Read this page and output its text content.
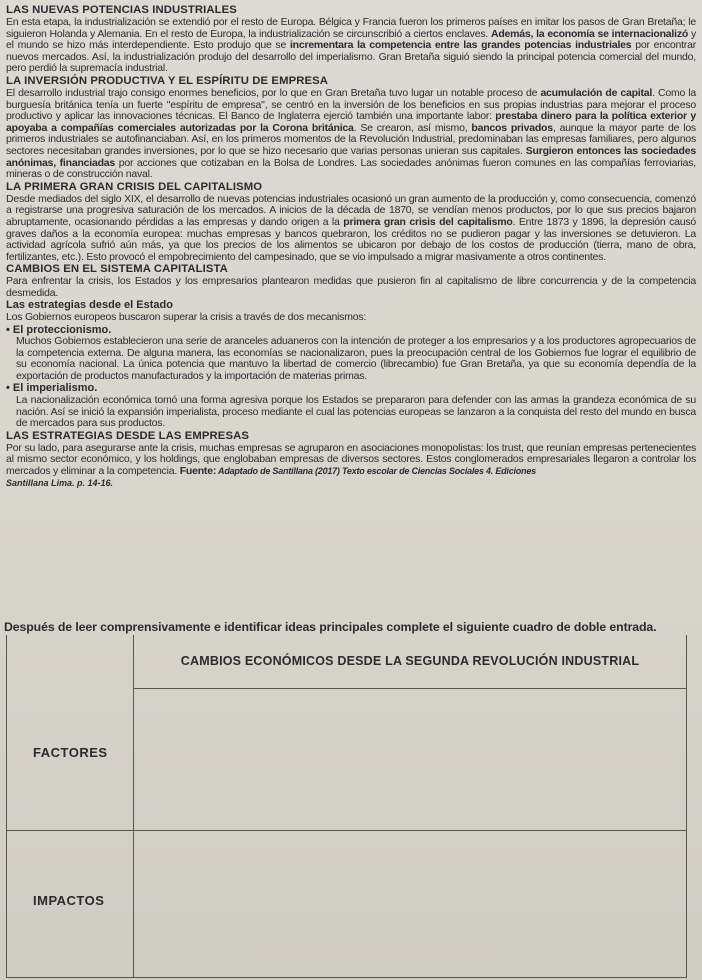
LAS NUEVAS POTENCIAS INDUSTRIALES

En esta etapa, la industrialización se extendió por el resto de Europa. Bélgica y Francia fueron los primeros países en imitar los pasos de Gran Bretaña; le siguieron Holanda y Alemania. En el resto de Europa, la industrialización se circunscribió a ciertos enclaves. Además, la economía se internacionalizó y el mundo se hizo más interdependiente. Esto produjo que se incrementara la competencia entre las grandes potencias industriales por encontrar nuevos mercados. Así, la industrialización produjo del desarrollo del imperialismo. Gran Bretaña siguió siendo la principal potencia comercial del mundo, pero perdió la supremacía industrial.

LA INVERSIÓN PRODUCTIVA Y EL ESPÍRITU DE EMPRESA

El desarrollo industrial trajo consigo enormes beneficios, por lo que en Gran Bretaña tuvo lugar un notable proceso de acumulación de capital. Como la burguesía británica tenía un fuerte "espíritu de empresa", se centró en la inversión de los beneficios en sus propias industrias para mejorar el proceso productivo y aplicar las innovaciones técnicas. El Banco de Inglaterra ejerció también una importante labor: prestaba dinero para la política exterior y apoyaba a compañías comerciales autorizadas por la Corona británica. Se crearon, así mismo, bancos privados, aunque la mayor parte de los primeros industriales se autofinanciaban. Así, en los primeros momentos de la Revolución Industrial, predominaban las empresas familiares, pero algunos sectores necesitaban grandes inversiones, por lo que se hizo necesario que varias personas unieran sus capitales. Surgieron entonces las sociedades anónimas, financiadas por acciones que cotizaban en la Bolsa de Londres. Las sociedades anónimas fueron comunes en las compañías ferroviarias, mineras o de construcción naval.

LA PRIMERA GRAN CRISIS DEL CAPITALISMO

Desde mediados del siglo XIX, el desarrollo de nuevas potencias industriales ocasionó un gran aumento de la producción y, como consecuencia, comenzó a registrarse una progresiva saturación de los mercados. A inicios de la década de 1870, se vendían menos productos, por lo que sus precios bajaron abruptamente, ocasionando pérdidas a las empresas y dando origen a la primera gran crisis del capitalismo. Entre 1873 y 1896, la depresión causó graves daños a la economía europea: muchas empresas y bancos quebraron, los créditos no se pudieron pagar y las inversiones se detuvieron. La actividad agrícola sufrió aún más, ya que los precios de los alimentos se ubicaron por debajo de los costos de producción (tierra, mano de obra, fertilizantes, etc.). Esto provocó el empobrecimiento del campesinado, que se vio impulsado a migrar masivamente a otros continentes.

CAMBIOS EN EL SISTEMA CAPITALISTA

Para enfrentar la crisis, los Estados y los empresarios plantearon medidas que pusieron fin al capitalismo de libre concurrencia y de la competencia desmedida.

Las estrategias desde el Estado

Los Gobiernos europeos buscaron superar la crisis a través de dos mecanismos:

• El proteccionismo.

Muchos Gobiernos establecieron una serie de aranceles aduaneros con la intención de proteger a los empresarios y a los productores agropecuarios de la competencia externa. De alguna manera, las economías se nacionalizaron, pues la preocupación central de los Gobiernos fue lograr el equilibrio de su economía nacional. La única potencia que mantuvo la libertad de comercio (librecambio) fue Gran Bretaña, ya que su economía dependía de la exportación de productos manufacturados y la importación de materias primas.

• El imperialismo.

La nacionalización económica tomó una forma agresiva porque los Estados se prepararon para defender con las armas la grandeza económica de su nación. Así se inició la expansión imperialista, proceso mediante el cual las potencias europeas se lanzaron a la conquista del resto del mundo en busca de mercados para sus productos.

LAS ESTRATEGIAS DESDE LAS EMPRESAS

Por su lado, para asegurarse ante la crisis, muchas empresas se agruparon en asociaciones monopolistas: los trust, que reunían empresas pertenecientes al mismo sector económico, y los holdings, que englobaban empresas de diversos sectores. Estos conglomerados empresariales llegaron a controlar los mercados y eliminar a la competencia. Fuente: Adaptado de Santillana (2017) Texto escolar de Ciencias Sociales 4. Ediciones

Santillana Lima. p. 14-16.

Después de leer comprensivamente e identificar ideas principales complete el siguiente cuadro de doble entrada.
CAMBIOS ECONÓMICOS DESDE LA SEGUNDA REVOLUCIÓN INDUSTRIAL
FACTORES
IMPACTOS
